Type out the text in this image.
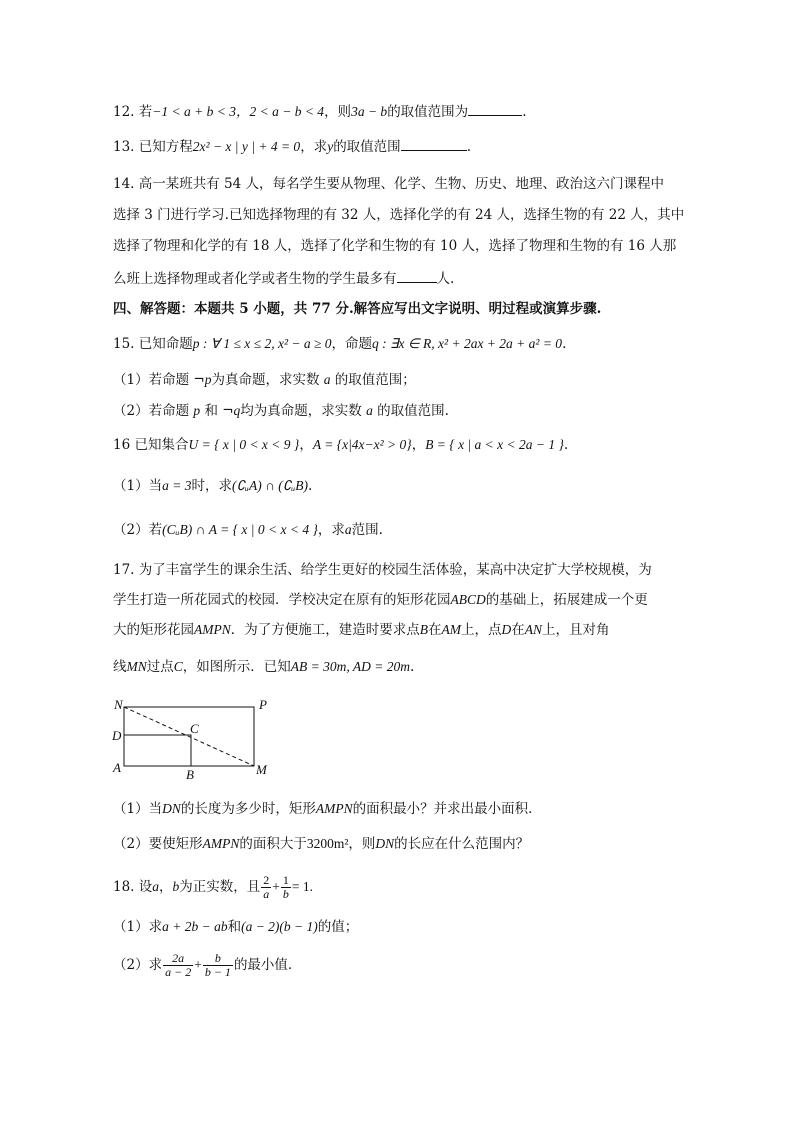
12. 若−1 < a + b < 3，2 < a − b < 4，则3a − b的取值范围为	.
13. 已知方程2x² − x | y | + 4 = 0，求y的取值范围	.
14. 高一某班共有 54 人，每名学生要从物理、化学、生物、历史、地理、政治这六门课程中
选择 3 门进行学习.已知选择物理的有 32 人，选择化学的有 24 人，选择生物的有 22 人，其中
选择了物理和化学的有 18 人，选择了化学和生物的有 10 人，选择了物理和生物的有 16 人那
么班上选择物理或者化学或者生物的学生最多有	人.
四、解答题：本题共 5 小题，共 77 分.解答应写出文字说明、明过程或演算步骤.
15. 已知命题p : ∀ 1 ≤ x ≤ 2, x² − a ≥ 0，命题q : ∃x ∈ R, x² + 2ax + 2a + a² = 0.
（1）若命题 ¬p为真命题，求实数 a 的取值范围；
（2）若命题 p 和 ¬q均为真命题，求实数 a 的取值范围.
16 已知集合U = { x | 0 < x < 9 }，A = {x|4x−x² > 0}，B = { x | a < x < 2a − 1 }.
（1）当a = 3时，求(∁ᵤA) ∩ (∁ᵤB).
（2）若(CᵤB) ∩ A = { x | 0 < x < 4 }，求a范围.
17. 为了丰富学生的课余生活、给学生更好的校园生活体验，某高中决定扩大学校规模，为
学生打造一所花园式的校园．学校决定在原有的矩形花园ABCD的基础上，拓展建成一个更
大的矩形花园AMPN．为了方便施工，建造时要求点B在AM上，点D在AN上，且对角
线MN过点C，如图所示．已知AB = 30m, AD = 20m.
N	P
D	C
A	B	M
（1）当DN的长度为多少时，矩形AMPN的面积最小？并求出最小面积．
（2）要使矩形AMPN的面积大于3200m²，则DN的长应在什么范围内？
18. 设a，b为正实数，且 $\frac{2}{a} + \frac{1}{b} = 1$.
（1）求a + 2b − ab和(a − 2)(b − 1)的值；
（2）求 $\frac{2a}{a - 2} + \frac{b}{b - 1}$ 的最小值．
